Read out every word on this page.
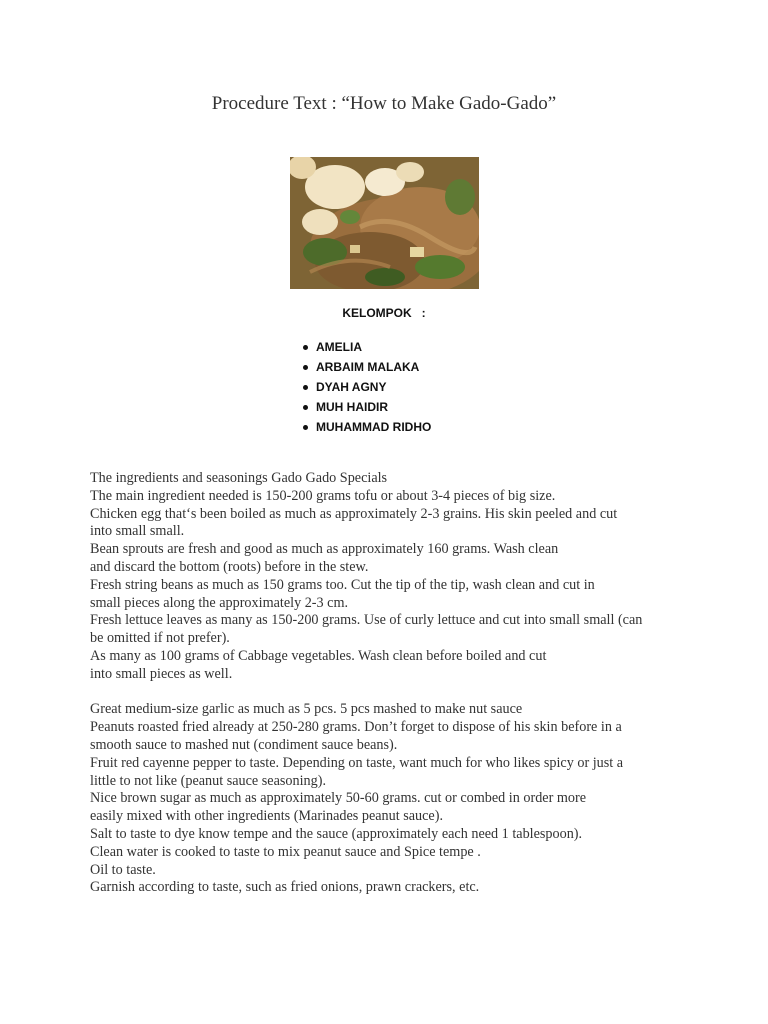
Procedure Text : “How to Make Gado-Gado”
KELOMPOK   :
AMELIA
ARBAIM MALAKA
DYAH AGNY
MUH HAIDIR
MUHAMMAD RIDHO
The ingredients and seasonings Gado Gado Specials
The main ingredient needed is 150-200 grams tofu or about 3-4 pieces of big size.
Chicken egg that‘s been boiled as much as approximately 2-3 grains. His skin peeled and cut
into small small.
Bean sprouts are fresh and good as much as approximately 160 grams. Wash clean
and discard the bottom (roots) before in the stew.
Fresh string beans as much as 150 grams too. Cut the tip of the tip, wash clean and cut in
small pieces along the approximately 2-3 cm.
Fresh lettuce leaves as many as 150-200 grams. Use of curly lettuce and cut into small small (can
be omitted if not prefer).
As many as 100 grams of Cabbage vegetables. Wash clean before boiled and cut
into small pieces as well.
Great medium-size garlic as much as 5 pcs. 5 pcs mashed to make nut sauce
Peanuts roasted fried already at 250-280 grams. Don’t forget to dispose of his skin before in a
smooth sauce to mashed nut (condiment sauce beans).
Fruit red cayenne pepper to taste. Depending on taste, want much for who likes spicy or just a
little to not like (peanut sauce seasoning).
Nice brown sugar as much as approximately 50-60 grams. cut or combed in order more
easily mixed with other ingredients (Marinades peanut sauce).
Salt to taste to dye know tempe and the sauce (approximately each need 1 tablespoon).
Clean water is cooked to taste to mix peanut sauce and Spice tempe .
Oil to taste.
Garnish according to taste, such as fried onions, prawn crackers, etc.
